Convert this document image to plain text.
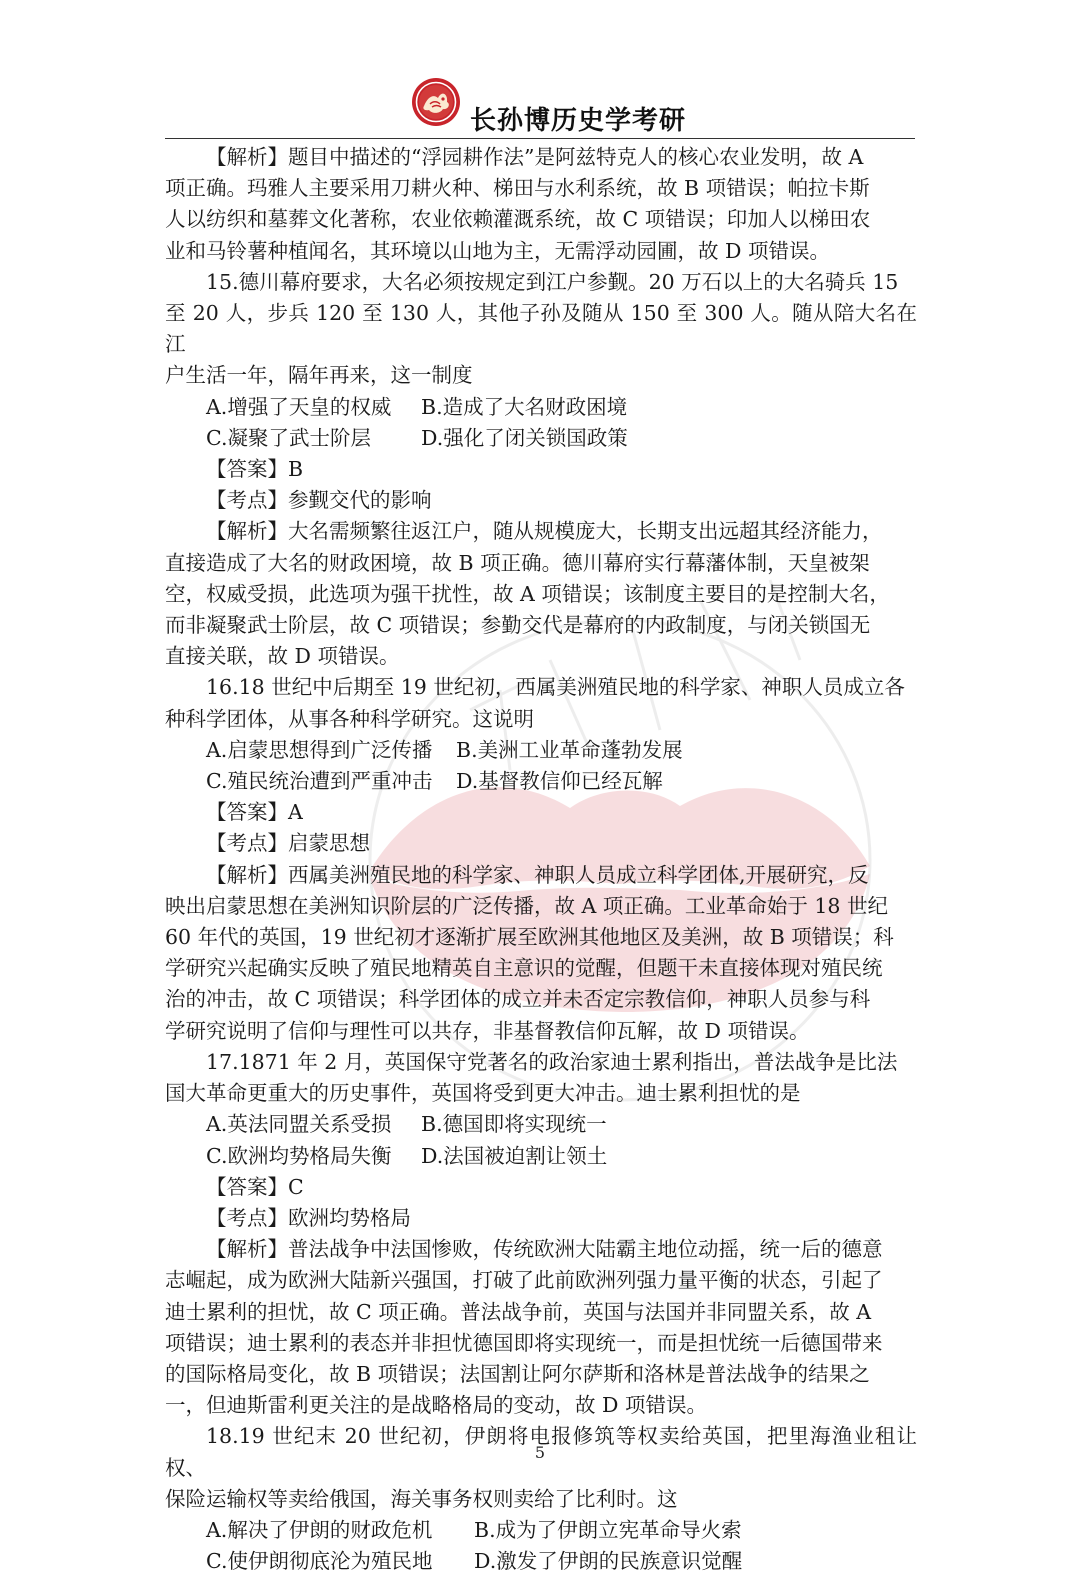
长孙博历史学考研

【解析】题目中描述的“浮园耕作法”是阿兹特克人的核心农业发明，故 A
项正确。玛雅人主要采用刀耕火种、梯田与水利系统，故 B 项错误；帕拉卡斯
人以纺织和墓葬文化著称，农业依赖灌溉系统，故 C 项错误；印加人以梯田农
业和马铃薯种植闻名，其环境以山地为主，无需浮动园圃，故 D 项错误。

15.德川幕府要求，大名必须按规定到江户参觐。20 万石以上的大名骑兵 15
至 20 人，步兵 120 至 130 人，其他子孙及随从 150 至 300 人。随从陪大名在江
户生活一年，隔年再来，这一制度

A.增强了天皇的权威	B.造成了大名财政困境
C.凝聚了武士阶层	D.强化了闭关锁国政策

【答案】B

【考点】参觐交代的影响

【解析】大名需频繁往返江户，随从规模庞大，长期支出远超其经济能力，
直接造成了大名的财政困境，故 B 项正确。德川幕府实行幕藩体制，天皇被架
空，权威受损，此选项为强干扰性，故 A 项错误；该制度主要目的是控制大名，
而非凝聚武士阶层，故 C 项错误；参勤交代是幕府的内政制度，与闭关锁国无
直接关联，故 D 项错误。

16.18 世纪中后期至 19 世纪初，西属美洲殖民地的科学家、神职人员成立各
种科学团体，从事各种科学研究。这说明

A.启蒙思想得到广泛传播	B.美洲工业革命蓬勃发展
C.殖民统治遭到严重冲击	D.基督教信仰已经瓦解

【答案】A

【考点】启蒙思想

【解析】西属美洲殖民地的科学家、神职人员成立科学团体,开展研究，反
映出启蒙思想在美洲知识阶层的广泛传播，故 A 项正确。工业革命始于 18 世纪
60 年代的英国，19 世纪初才逐渐扩展至欧洲其他地区及美洲，故 B 项错误；科
学研究兴起确实反映了殖民地精英自主意识的觉醒，但题干未直接体现对殖民统
治的冲击，故 C 项错误；科学团体的成立并未否定宗教信仰，神职人员参与科
学研究说明了信仰与理性可以共存，非基督教信仰瓦解，故 D 项错误。

17.1871 年 2 月，英国保守党著名的政治家迪士累利指出，普法战争是比法
国大革命更重大的历史事件，英国将受到更大冲击。迪士累利担忧的是

A.英法同盟关系受损	B.德国即将实现统一
C.欧洲均势格局失衡	D.法国被迫割让领土

【答案】C

【考点】欧洲均势格局

【解析】普法战争中法国惨败，传统欧洲大陆霸主地位动摇，统一后的德意
志崛起，成为欧洲大陆新兴强国，打破了此前欧洲列强力量平衡的状态，引起了
迪士累利的担忧，故 C 项正确。普法战争前，英国与法国并非同盟关系，故 A
项错误；迪士累利的表态并非担忧德国即将实现统一，而是担忧统一后德国带来
的国际格局变化，故 B 项错误；法国割让阿尔萨斯和洛林是普法战争的结果之
一，但迪斯雷利更关注的是战略格局的变动，故 D 项错误。

18.19 世纪末 20 世纪初，伊朗将电报修筑等权卖给英国，把里海渔业租让权、
保险运输权等卖给俄国，海关事务权则卖给了比利时。这

A.解决了伊朗的财政危机	B.成为了伊朗立宪革命导火索
C.使伊朗彻底沦为殖民地	D.激发了伊朗的民族意识觉醒
5
